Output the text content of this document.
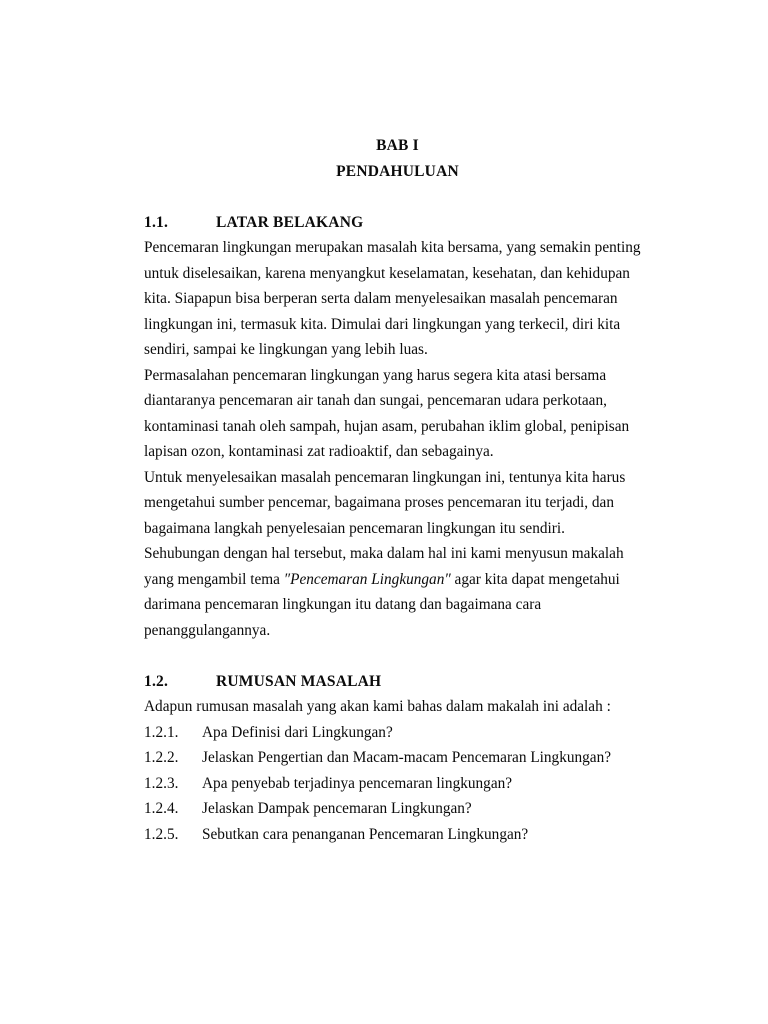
BAB I
PENDAHULUAN
1.1.	LATAR BELAKANG
Pencemaran lingkungan merupakan masalah kita bersama, yang semakin penting untuk diselesaikan, karena menyangkut keselamatan, kesehatan, dan kehidupan kita. Siapapun bisa berperan serta dalam menyelesaikan masalah pencemaran lingkungan ini, termasuk kita. Dimulai dari lingkungan yang terkecil, diri kita sendiri, sampai ke lingkungan yang lebih luas.
Permasalahan pencemaran lingkungan yang harus segera kita atasi bersama diantaranya pencemaran air tanah dan sungai, pencemaran udara perkotaan, kontaminasi tanah oleh sampah, hujan asam, perubahan iklim global, penipisan lapisan ozon, kontaminasi zat radioaktif, dan sebagainya.
Untuk menyelesaikan masalah pencemaran lingkungan ini, tentunya kita harus mengetahui sumber pencemar, bagaimana proses pencemaran itu terjadi, dan bagaimana langkah penyelesaian pencemaran lingkungan itu sendiri.
Sehubungan dengan hal tersebut, maka dalam hal ini kami menyusun makalah yang mengambil tema ″Pencemaran Lingkungan″ agar kita dapat mengetahui darimana pencemaran lingkungan itu datang dan bagaimana cara penanggulangannya.
1.2.	RUMUSAN MASALAH
Adapun rumusan masalah yang akan kami bahas dalam makalah ini adalah :
1.2.1. Apa Definisi dari Lingkungan?
1.2.2. Jelaskan Pengertian dan Macam-macam Pencemaran Lingkungan?
1.2.3. Apa penyebab terjadinya pencemaran lingkungan?
1.2.4. Jelaskan Dampak pencemaran Lingkungan?
1.2.5. Sebutkan cara penanganan Pencemaran Lingkungan?
